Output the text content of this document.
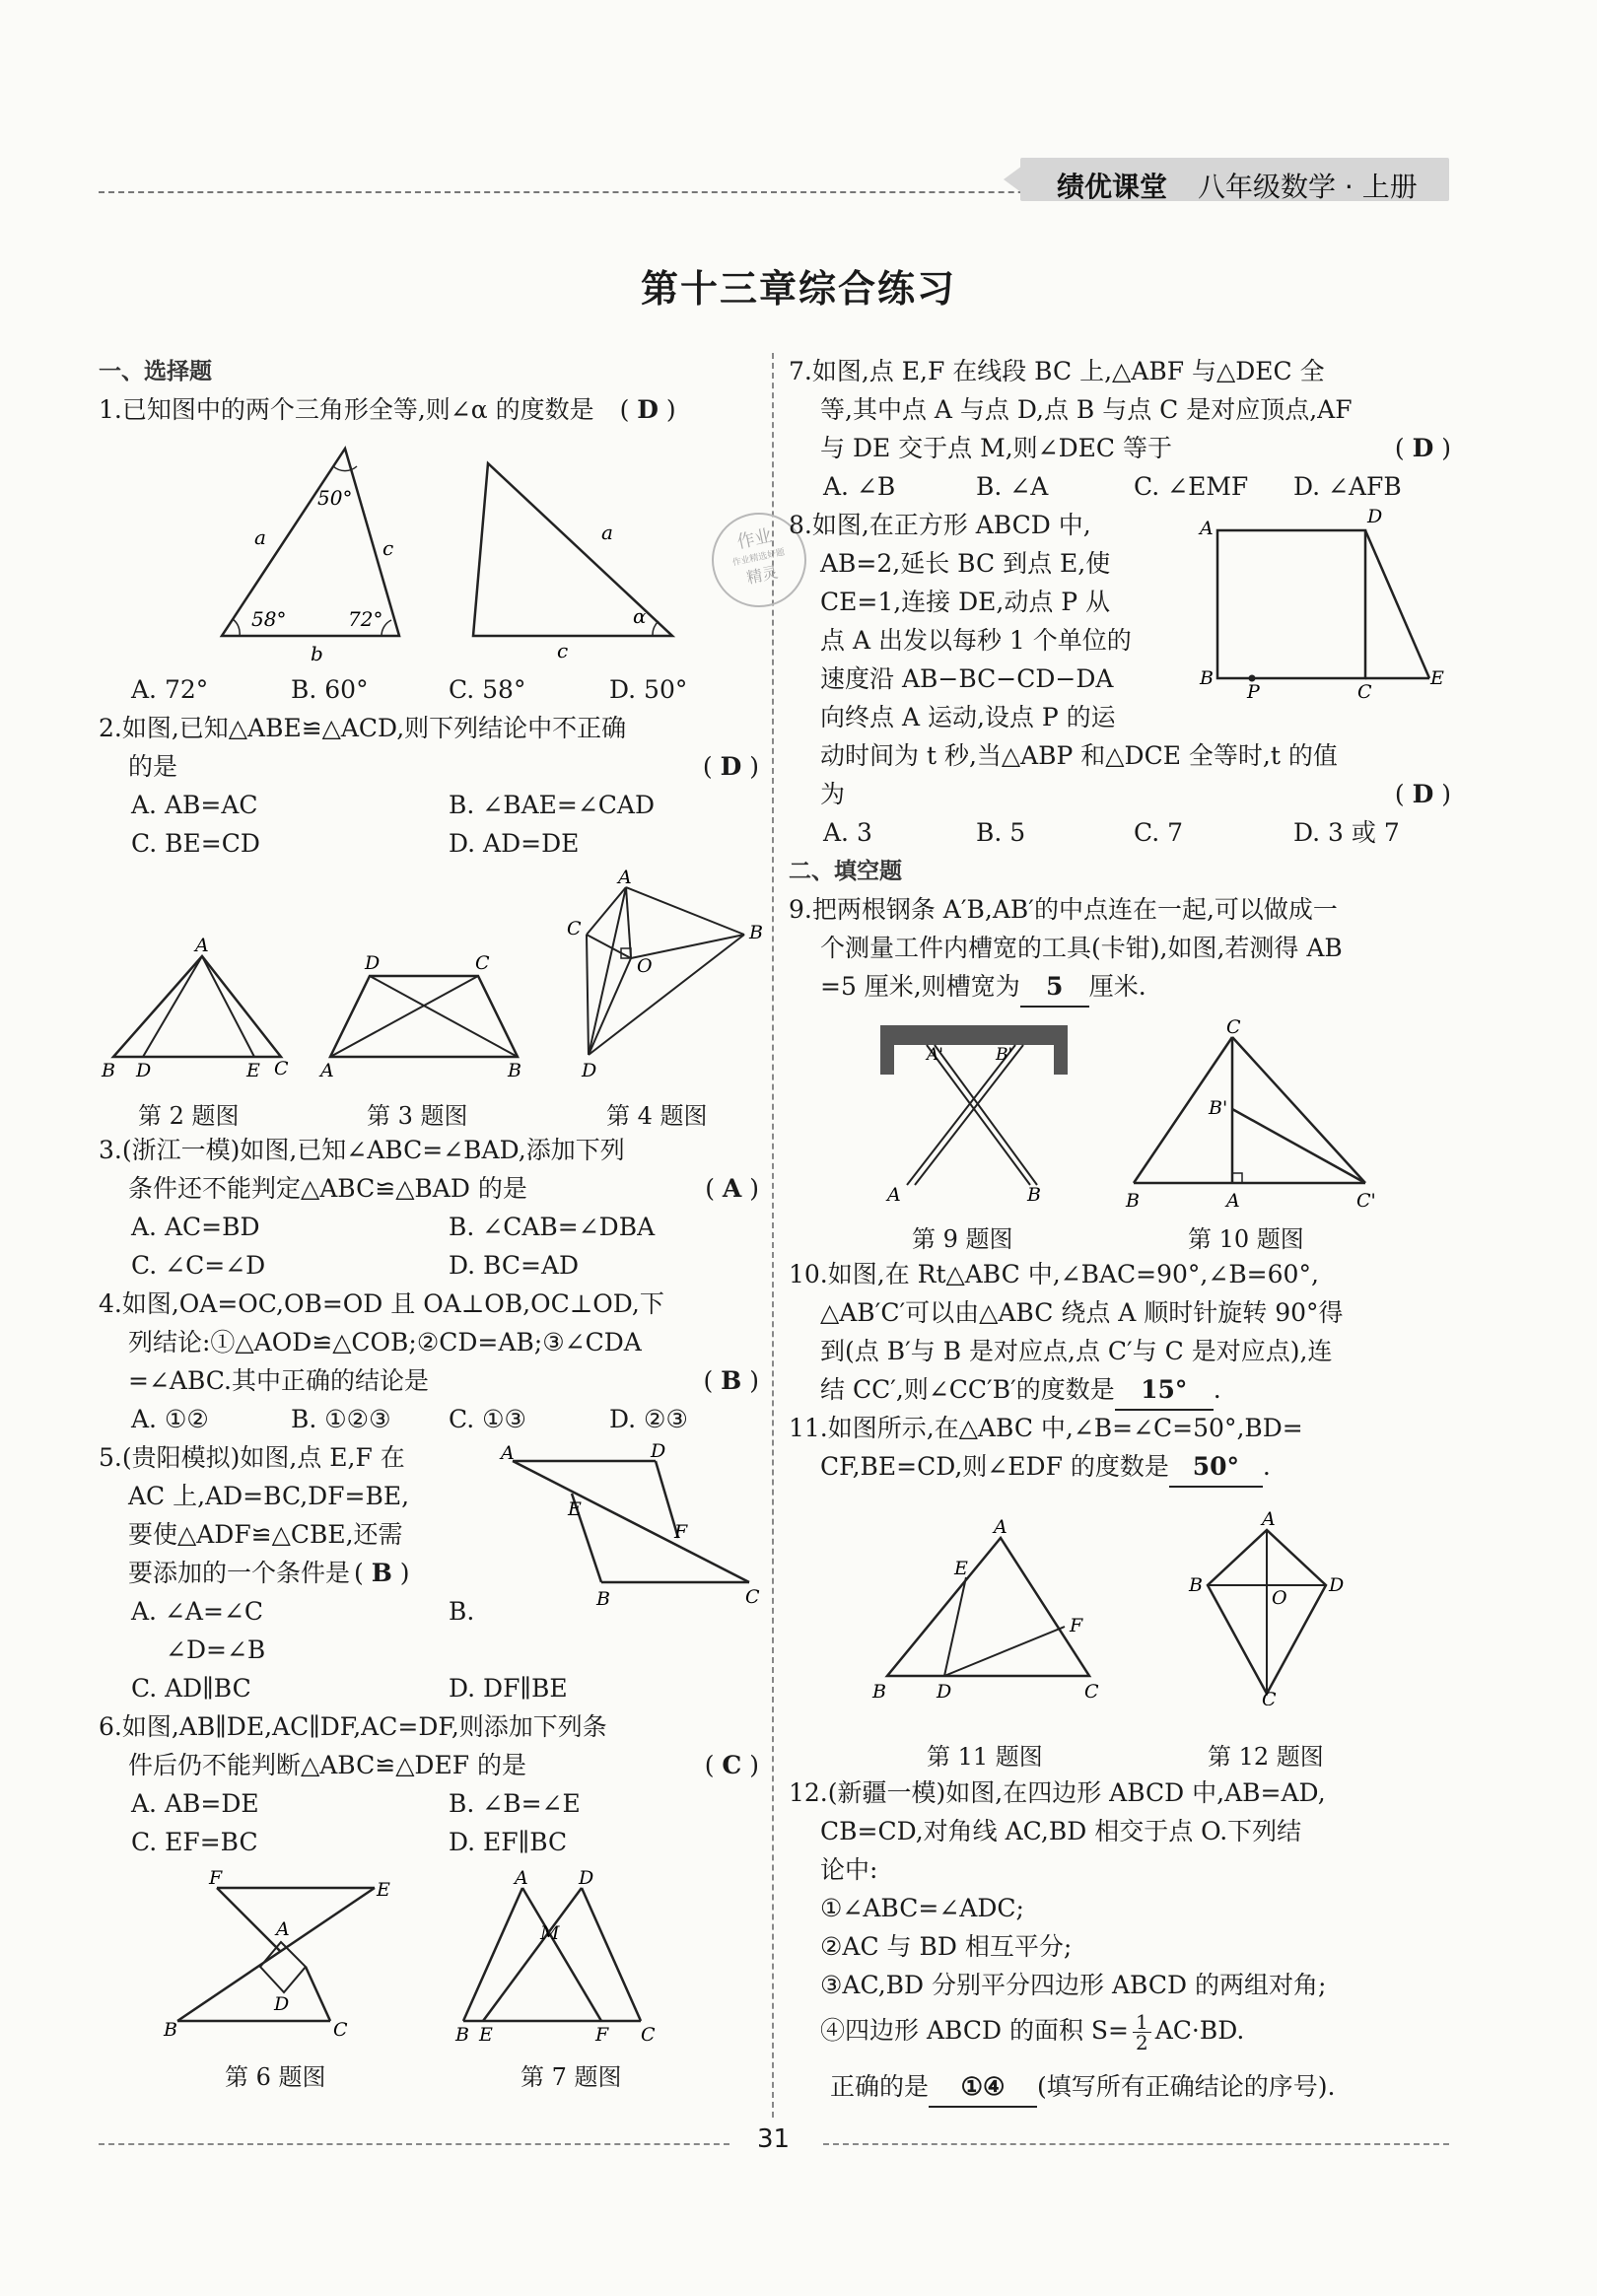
绩优课堂 八年级数学 · 上册
第十三章综合练习
一、选择题
1.已知图中的两个三角形全等,则∠α 的度数是 ( D )
50°
58°	72°
a	c
b
α
a
c
A. 72°	B. 60°	C. 58°	D. 50°
2.如图,已知△ABE≌△ACD,则下列结论中不正确
的是	( D )
A. AB=AC	B. ∠BAE=∠CAD
C. BE=CD	D. AD=DE
A
B D	E C
D	C
A	B
A
C	B
O
D
第 2 题图	第 3 题图	第 4 题图
3.(浙江一模)如图,已知∠ABC=∠BAD,添加下列
条件还不能判定△ABC≌△BAD 的是	( A )
A. AC=BD	B. ∠CAB=∠DBA
C. ∠C=∠D	D. BC=AD
4.如图,OA=OC,OB=OD 且 OA⊥OB,OC⊥OD,下
列结论:①△AOD≌△COB;②CD=AB;③∠CDA
=∠ABC.其中正确的结论是	( B )
A. ①②	B. ①②③ C. ①③	D. ②③
5.(贵阳模拟)如图,点 E,F 在
AC 上,AD=BC,DF=BE,
要使△ADF≌△CBE,还需
要添加的一个条件是 ( B )
A. ∠A=∠C	B.
∠D=∠B
C. AD∥BC	D. DF∥BE
A	D
E
F
B	C
6.如图,AB∥DE,AC∥DF,AC=DF,则添加下列条
件后仍不能判断△ABC≌△DEF 的是	( C )
A. AB=DE	B. ∠B=∠E
C. EF=BC	D. EF∥BC
F
A
D
E
B	C
A	D
M
B E	F C
第 6 题图	第 7 题图
7.如图,点 E,F 在线段 BC 上,△ABF 与△DEC 全
等,其中点 A 与点 D,点 B 与点 C 是对应顶点,AF
与 DE 交于点 M,则∠DEC 等于	( D )
A. ∠B	B. ∠A	C. ∠EMF D. ∠AFB
作业
作业精选好题
精灵
8.如图,在正方形 ABCD 中,
AB=2,延长 BC 到点 E,使
CE=1,连接 DE,动点 P 从
点 A 出发以每秒 1 个单位的
速度沿 AB−BC−CD−DA
向终点 A 运动,设点 P 的运
动时间为 t 秒,当△ABP 和△DCE 全等时,t 的值
为	( D )
A. 3	B. 5	C. 7	D. 3 或 7
A
D
B
P	C
E
二、填空题
9.把两根钢条 A′B,AB′的中点连在一起,可以做成一
个测量工件内槽宽的工具(卡钳),如图,若测得 AB
=5 厘米,则槽宽为 5 厘米.
A'	B'
A	B
C
B'
B	A	C'
第 9 题图	第 10 题图
10.如图,在 Rt△ABC 中,∠BAC=90°,∠B=60°,
△AB′C′可以由△ABC 绕点 A 顺时针旋转 90°得
到(点 B′与 B 是对应点,点 C′与 C 是对应点),连
结 CC′,则∠CC′B′的度数是 15° .
11.如图所示,在△ABC 中,∠B=∠C=50°,BD=
CF,BE=CD,则∠EDF 的度数是 50° .
A
E
F
B	D	C
A
B	D
O
C
第 11 题图	第 12 题图
12.(新疆一模)如图,在四边形 ABCD 中,AB=AD,
CB=CD,对角线 AC,BD 相交于点 O.下列结
论中:
①∠ABC=∠ADC;
②AC 与 BD 相互平分;
③AC,BD 分别平分四边形 ABCD 的两组对角;
④四边形 ABCD 的面积 $S= \frac{1}{2} AC\cdot BD$.
正确的是 ①④ (填写所有正确结论的序号).
31
